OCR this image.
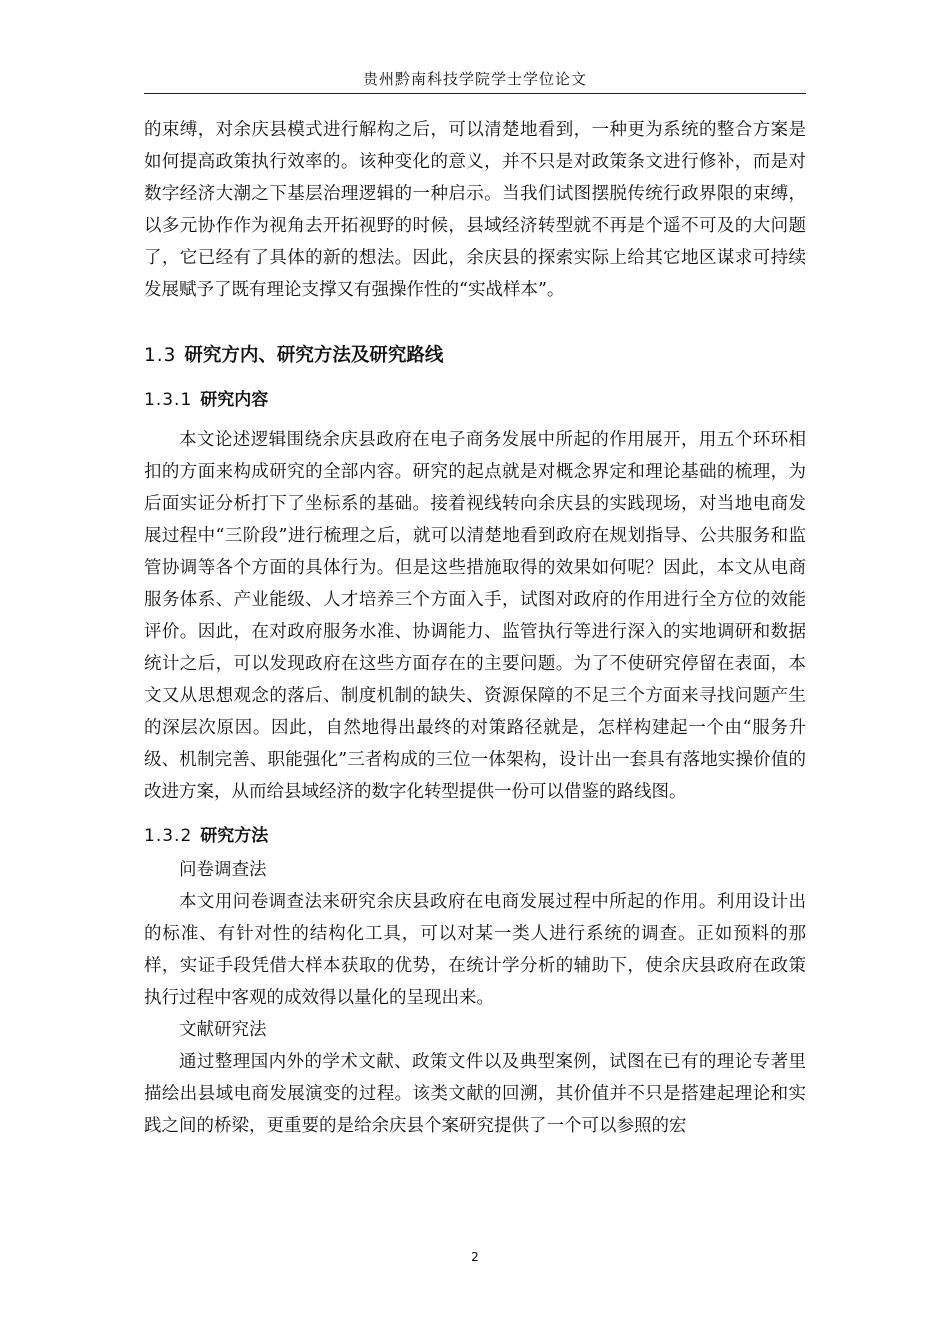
贵州黔南科技学院学士学位论文

的束缚，对余庆县模式进行解构之后，可以清楚地看到，一种更为系统的整合方案是如何提高政策执行效率的。该种变化的意义，并不只是对政策条文进行修补，而是对数字经济大潮之下基层治理逻辑的一种启示。当我们试图摆脱传统行政界限的束缚，以多元协作作为视角去开拓视野的时候，县域经济转型就不再是个遥不可及的大问题了，它已经有了具体的新的想法。因此，余庆县的探索实际上给其它地区谋求可持续发展赋予了既有理论支撑又有强操作性的“实战样本”。

1.3 研究方内、研究方法及研究路线
1.3.1 研究内容

本文论述逻辑围绕余庆县政府在电子商务发展中所起的作用展开，用五个环环相扣的方面来构成研究的全部内容。研究的起点就是对概念界定和理论基础的梳理，为后面实证分析打下了坐标系的基础。接着视线转向余庆县的实践现场，对当地电商发展过程中“三阶段”进行梳理之后，就可以清楚地看到政府在规划指导、公共服务和监管协调等各个方面的具体行为。但是这些措施取得的效果如何呢？因此，本文从电商服务体系、产业能级、人才培养三个方面入手，试图对政府的作用进行全方位的效能评价。因此，在对政府服务水准、协调能力、监管执行等进行深入的实地调研和数据统计之后，可以发现政府在这些方面存在的主要问题。为了不使研究停留在表面，本文又从思想观念的落后、制度机制的缺失、资源保障的不足三个方面来寻找问题产生的深层次原因。因此，自然地得出最终的对策路径就是，怎样构建起一个由“服务升级、机制完善、职能强化”三者构成的三位一体架构，设计出一套具有落地实操价值的改进方案，从而给县域经济的数字化转型提供一份可以借鉴的路线图。

1.3.2 研究方法

问卷调查法

本文用问卷调查法来研究余庆县政府在电商发展过程中所起的作用。利用设计出的标准、有针对性的结构化工具，可以对某一类人进行系统的调查。正如预料的那样，实证手段凭借大样本获取的优势，在统计学分析的辅助下，使余庆县政府在政策执行过程中客观的成效得以量化的呈现出来。

文献研究法

通过整理国内外的学术文献、政策文件以及典型案例，试图在已有的理论专著里描绘出县域电商发展演变的过程。该类文献的回溯，其价值并不只是搭建起理论和实践之间的桥梁，更重要的是给余庆县个案研究提供了一个可以参照的宏

2
